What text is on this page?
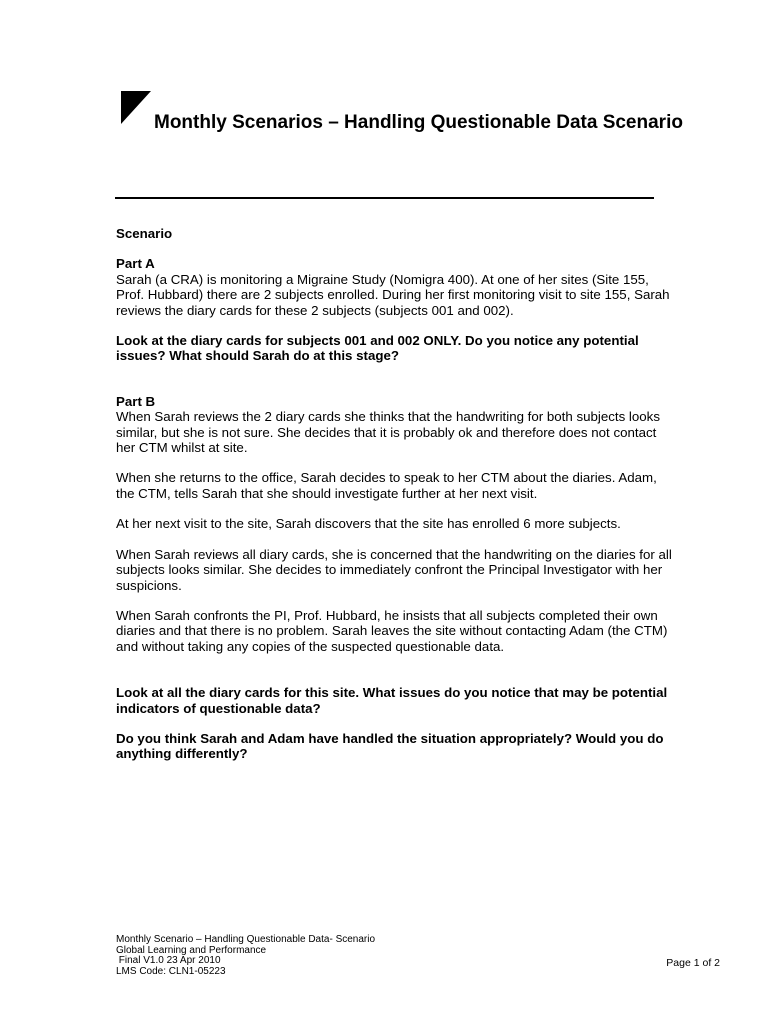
Monthly Scenarios – Handling Questionable Data Scenario

Scenario

Part A

Sarah (a CRA) is monitoring a Migraine Study (Nomigra 400). At one of her sites (Site 155, Prof. Hubbard) there are 2 subjects enrolled. During her first monitoring visit to site 155, Sarah reviews the diary cards for these 2 subjects (subjects 001 and 002).

Look at the diary cards for subjects 001 and 002 ONLY. Do you notice any potential issues? What should Sarah do at this stage?

Part B

When Sarah reviews the 2 diary cards she thinks that the handwriting for both subjects looks similar, but she is not sure. She decides that it is probably ok and therefore does not contact her CTM whilst at site.

When she returns to the office, Sarah decides to speak to her CTM about the diaries. Adam, the CTM, tells Sarah that she should investigate further at her next visit.

At her next visit to the site, Sarah discovers that the site has enrolled 6 more subjects.

When Sarah reviews all diary cards, she is concerned that the handwriting on the diaries for all subjects looks similar. She decides to immediately confront the Principal Investigator with her suspicions.

When Sarah confronts the PI, Prof. Hubbard, he insists that all subjects completed their own diaries and that there is no problem. Sarah leaves the site without contacting Adam (the CTM) and without taking any copies of the suspected questionable data.

Look at all the diary cards for this site. What issues do you notice that may be potential indicators of questionable data?

Do you think Sarah and Adam have handled the situation appropriately? Would you do anything differently?

Monthly Scenario – Handling Questionable Data- Scenario
Global Learning and Performance
Final V1.0 23 Apr 2010
LMS Code: CLN1-05223
Page 1 of 2
